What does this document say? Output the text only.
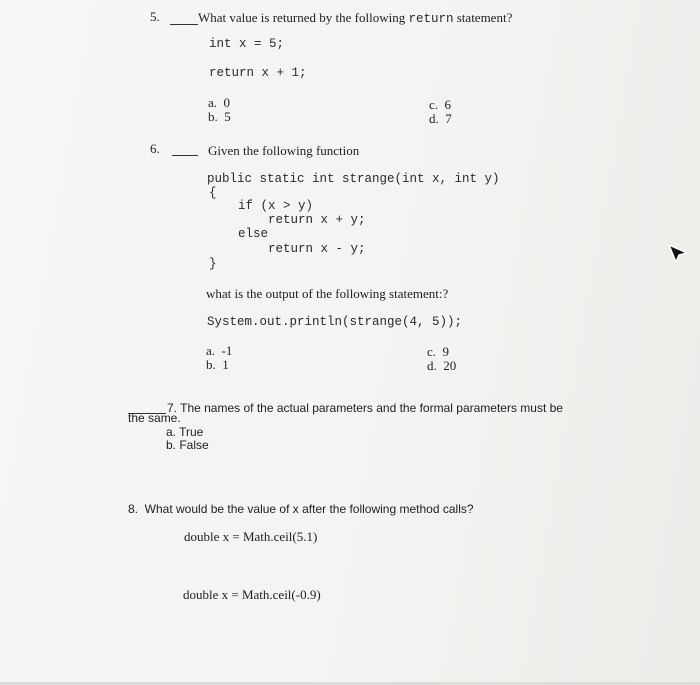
5.	What value is returned by the following return statement?
int x = 5;
return x + 1;
a.  0
b.  5
c.  6
d.  7
6.	Given the following function
public static int strange(int x, int y)
{
if (x > y)
return x + y;
else
return x - y;
}
what is the output of the following statement:?
System.out.println(strange(4, 5));
a.  -1
b.  1
c.  9
d.  20
7. The names of the actual parameters and the formal parameters must be
the same.
a. True
b. False
8.  What would be the value of x after the following method calls?
double x = Math.ceil(5.1)
double x = Math.ceil(-0.9)
